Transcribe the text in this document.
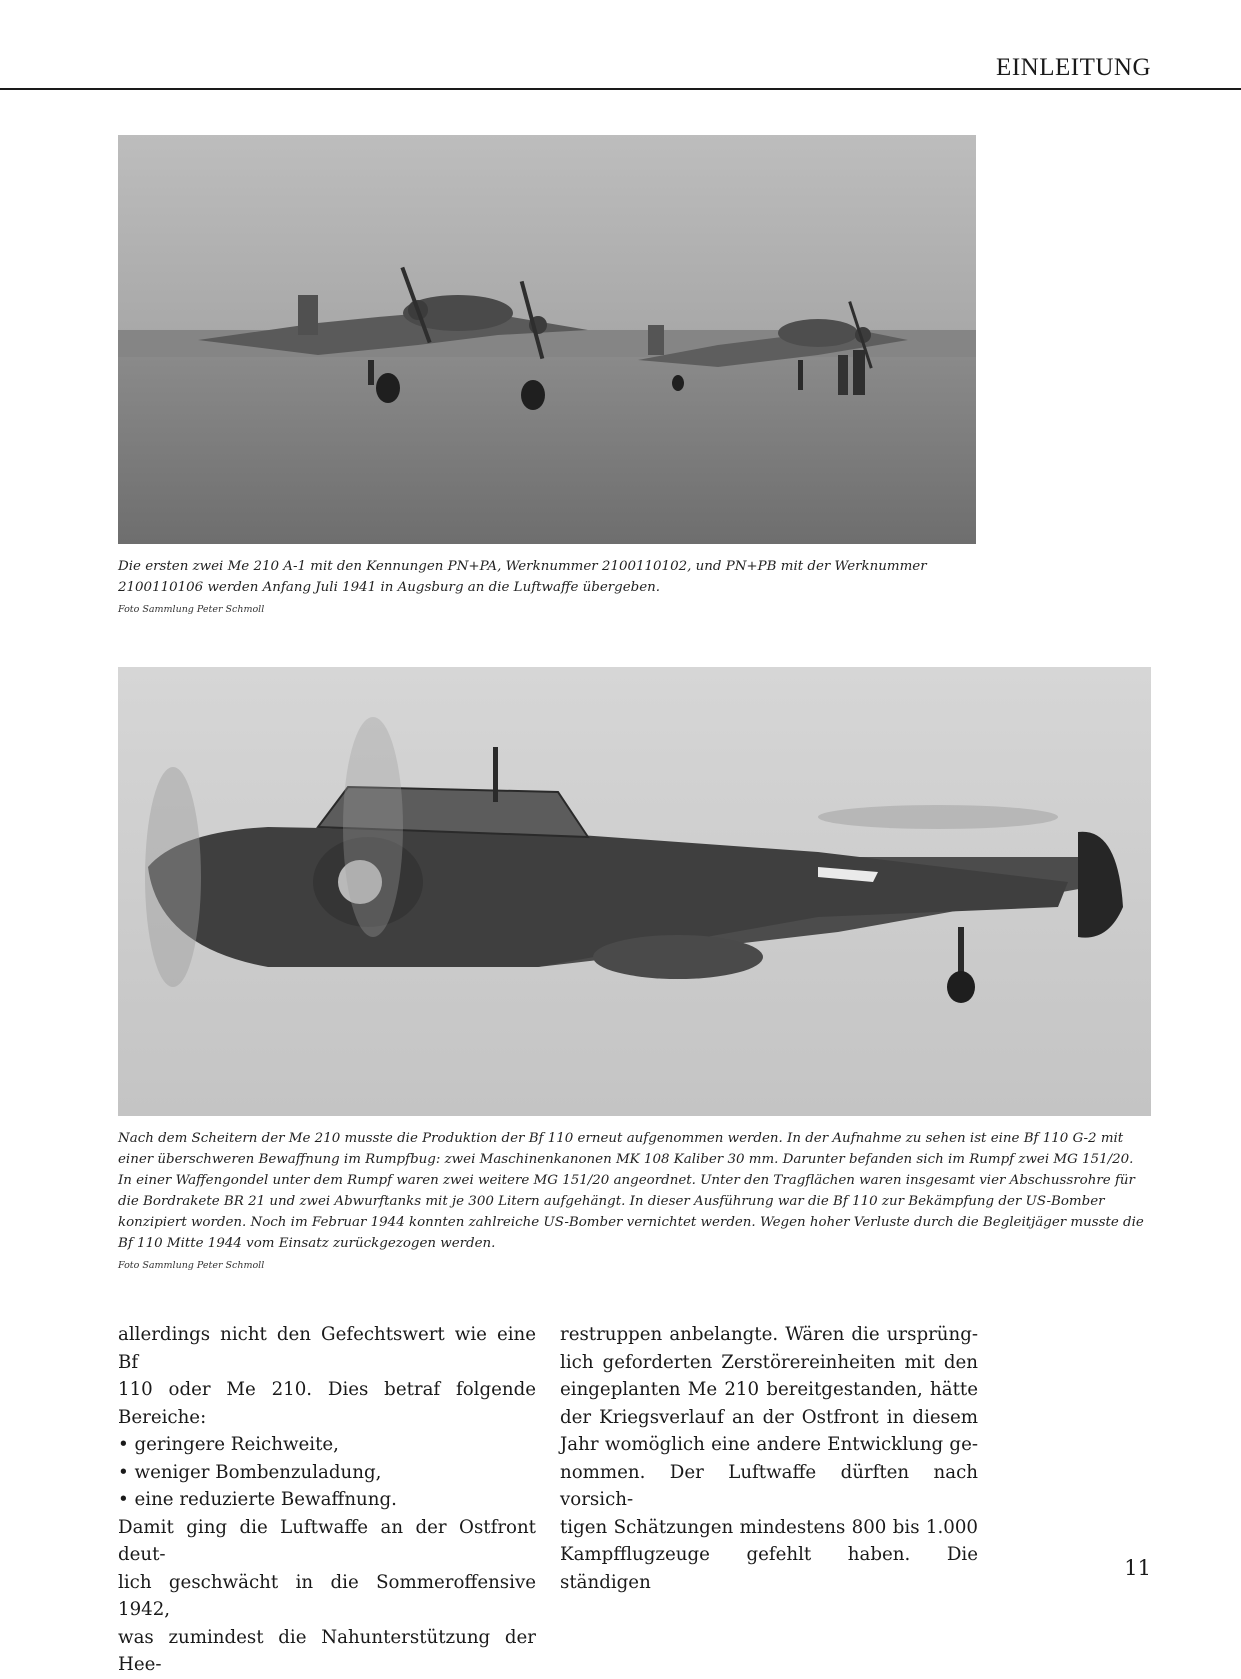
EINLEITUNG

Die ersten zwei Me 210 A-1 mit den Kennungen PN+PA, Werknummer 2100110102, und PN+PB mit der Werknummer

2100110106 werden Anfang Juli 1941 in Augsburg an die Luftwaffe übergeben.

Foto Sammlung Peter Schmoll

Nach dem Scheitern der Me 210 musste die Produktion der Bf 110 erneut aufgenommen werden. In der Aufnahme zu sehen ist eine Bf 110 G-2 mit

einer überschweren Bewaffnung im Rumpfbug: zwei Maschinenkanonen MK 108 Kaliber 30 mm. Darunter befanden sich im Rumpf zwei MG 151/20.

In einer Waffengondel unter dem Rumpf waren zwei weitere MG 151/20 angeordnet. Unter den Tragflächen waren insgesamt vier Abschussrohre für

die Bordrakete BR 21 und zwei Abwurftanks mit je 300 Litern aufgehängt. In dieser Ausführung war die Bf 110 zur Bekämpfung der US-Bomber

konzipiert worden. Noch im Februar 1944 konnten zahlreiche US-Bomber vernichtet werden. Wegen hoher Verluste durch die Begleitjäger musste die

Bf 110 Mitte 1944 vom Einsatz zurückgezogen werden.

Foto Sammlung Peter Schmoll
allerdings nicht den Gefechtswert wie eine Bf
110 oder Me 210. Dies betraf folgende Bereiche:
• geringere Reichweite,
• weniger Bombenzuladung,
• eine reduzierte Bewaffnung.
Damit ging die Luftwaffe an der Ostfront deut-
lich geschwächt in die Sommeroffensive 1942,
was zumindest die Nahunterstützung der Hee-
restruppen anbelangte. Wären die ursprüng-
lich geforderten Zerstörereinheiten mit den
eingeplanten Me 210 bereitgestanden, hätte
der Kriegsverlauf an der Ostfront in diesem
Jahr womöglich eine andere Entwicklung ge-
nommen. Der Luftwaffe dürften nach vorsich-
tigen Schätzungen mindestens 800 bis 1.000
Kampfflugzeuge gefehlt haben. Die ständigen
11
